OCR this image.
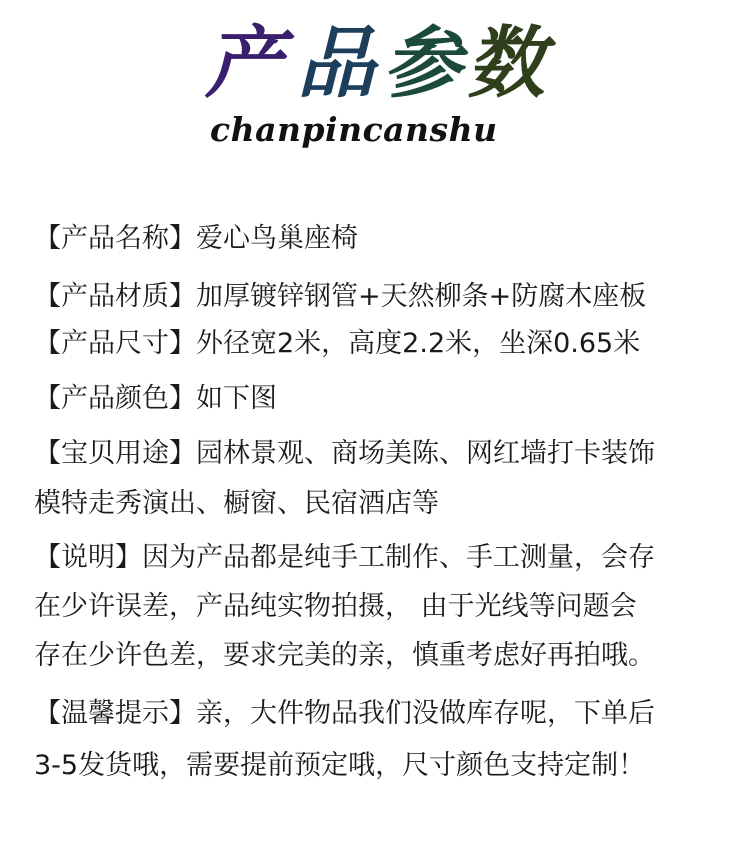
产 品 参 数
chanpincanshu
【产品名称】爱心鸟巢座椅
【产品材质】加厚镀锌钢管+天然柳条+防腐木座板
【产品尺寸】外径宽2米，高度2.2米，坐深0.65米
【产品颜色】如下图
【宝贝用途】园林景观、商场美陈、网红墙打卡装饰
模特走秀演出、橱窗、民宿酒店等
【说明】因为产品都是纯手工制作、手工测量，会存
在少许误差，产品纯实物拍摄， 由于光线等问题会
存在少许色差，要求完美的亲，慎重考虑好再拍哦。
【温馨提示】亲，大件物品我们没做库存呢，下单后
3-5发货哦，需要提前预定哦，尺寸颜色支持定制！
